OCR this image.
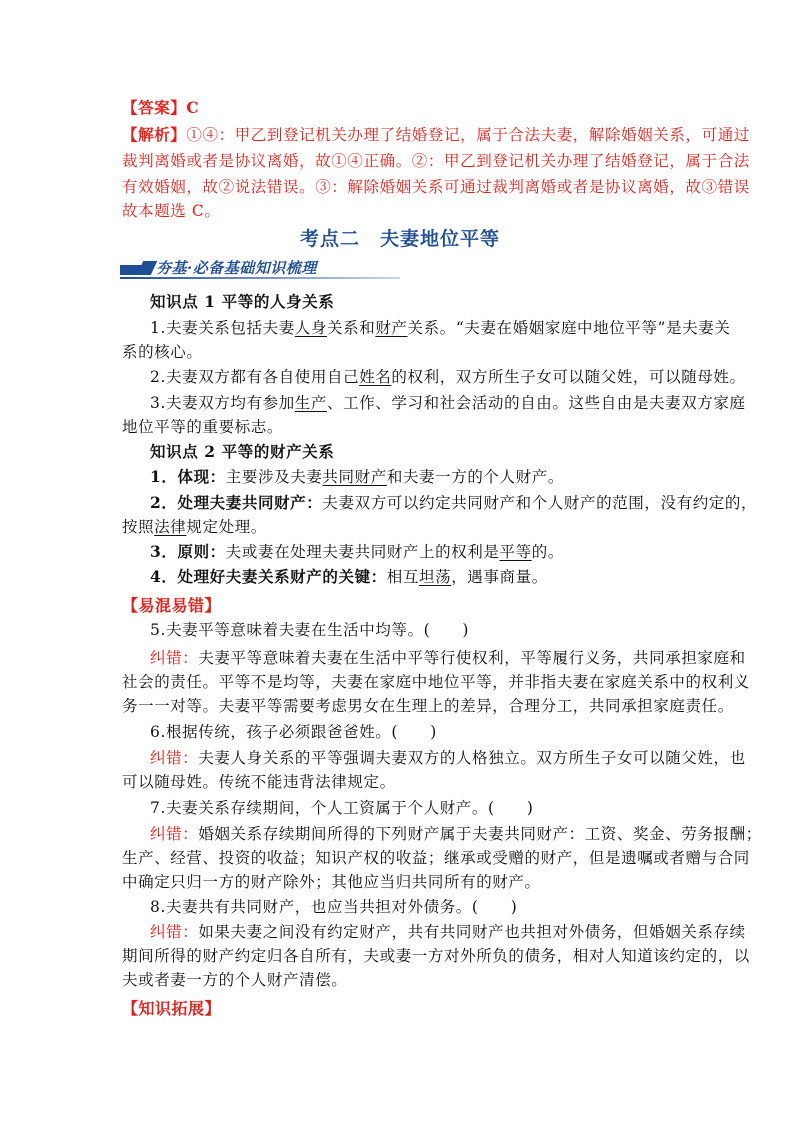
【答案】C
【解析】①④：甲乙到登记机关办理了结婚登记，属于合法夫妻，解除婚姻关系，可通过
裁判离婚或者是协议离婚，故①④正确。②：甲乙到登记机关办理了结婚登记，属于合法
有效婚姻，故②说法错误。③：解除婚姻关系可通过裁判离婚或者是协议离婚，故③错误
故本题选 C。
考点二　夫妻地位平等
夯基·必备基础知识梳理
知识点 1 平等的人身关系
1.夫妻关系包括夫妻人身关系和财产关系。“夫妻在婚姻家庭中地位平等”是夫妻关
系的核心。
2.夫妻双方都有各自使用自己姓名的权利，双方所生子女可以随父姓，可以随母姓。
3.夫妻双方均有参加生产、工作、学习和社会活动的自由。这些自由是夫妻双方家庭
地位平等的重要标志。
知识点 2 平等的财产关系
1．体现：主要涉及夫妻共同财产和夫妻一方的个人财产。
2．处理夫妻共同财产：夫妻双方可以约定共同财产和个人财产的范围，没有约定的，
按照法律规定处理。
3．原则：夫或妻在处理夫妻共同财产上的权利是平等的。
4．处理好夫妻关系财产的关键：相互坦荡，遇事商量。
【易混易错】
5.夫妻平等意味着夫妻在生活中均等。(　　)
纠错：夫妻平等意味着夫妻在生活中平等行使权利，平等履行义务，共同承担家庭和
社会的责任。平等不是均等，夫妻在家庭中地位平等，并非指夫妻在家庭关系中的权利义
务一一对等。夫妻平等需要考虑男女在生理上的差异，合理分工，共同承担家庭责任。
6.根据传统，孩子必须跟爸爸姓。(　　)
纠错：夫妻人身关系的平等强调夫妻双方的人格独立。双方所生子女可以随父姓，也
可以随母姓。传统不能违背法律规定。
7.夫妻关系存续期间，个人工资属于个人财产。(　　)
纠错：婚姻关系存续期间所得的下列财产属于夫妻共同财产：工资、奖金、劳务报酬；
生产、经营、投资的收益；知识产权的收益；继承或受赠的财产，但是遗嘱或者赠与合同
中确定只归一方的财产除外；其他应当归共同所有的财产。
8.夫妻共有共同财产，也应当共担对外债务。(　　)
纠错：如果夫妻之间没有约定财产，共有共同财产也共担对外债务，但婚姻关系存续
期间所得的财产约定归各自所有，夫或妻一方对外所负的债务，相对人知道该约定的，以
夫或者妻一方的个人财产清偿。
【知识拓展】
